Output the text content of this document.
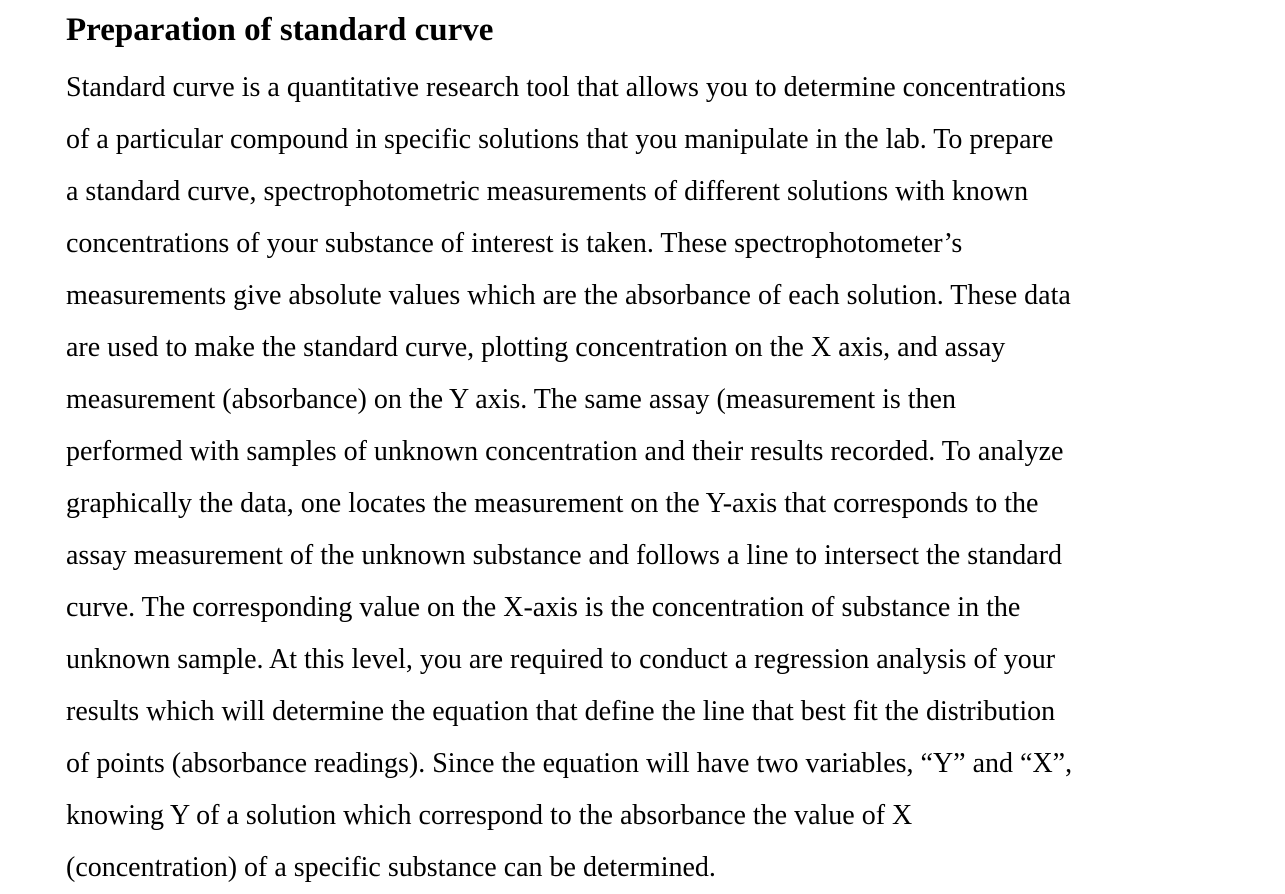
Preparation of standard curve
Standard curve is a quantitative research tool that allows you to determine concentrations
of a particular compound in specific solutions that you manipulate in the lab. To prepare
a standard curve, spectrophotometric measurements of different solutions with known
concentrations of your substance of interest is taken. These spectrophotometer’s
measurements give absolute values which are the absorbance of each solution. These data
are used to make the standard curve, plotting concentration on the X axis, and assay
measurement (absorbance) on the Y axis. The same assay (measurement is then
performed with samples of unknown concentration and their results recorded. To analyze
graphically the data, one locates the measurement on the Y-axis that corresponds to the
assay measurement of the unknown substance and follows a line to intersect the standard
curve. The corresponding value on the X-axis is the concentration of substance in the
unknown sample. At this level, you are required to conduct a regression analysis of your
results which will determine the equation that define the line that best fit the distribution
of points (absorbance readings). Since the equation will have two variables, “Y” and “X”,
knowing Y of a solution which correspond to the absorbance the value of X
(concentration) of a specific substance can be determined.
